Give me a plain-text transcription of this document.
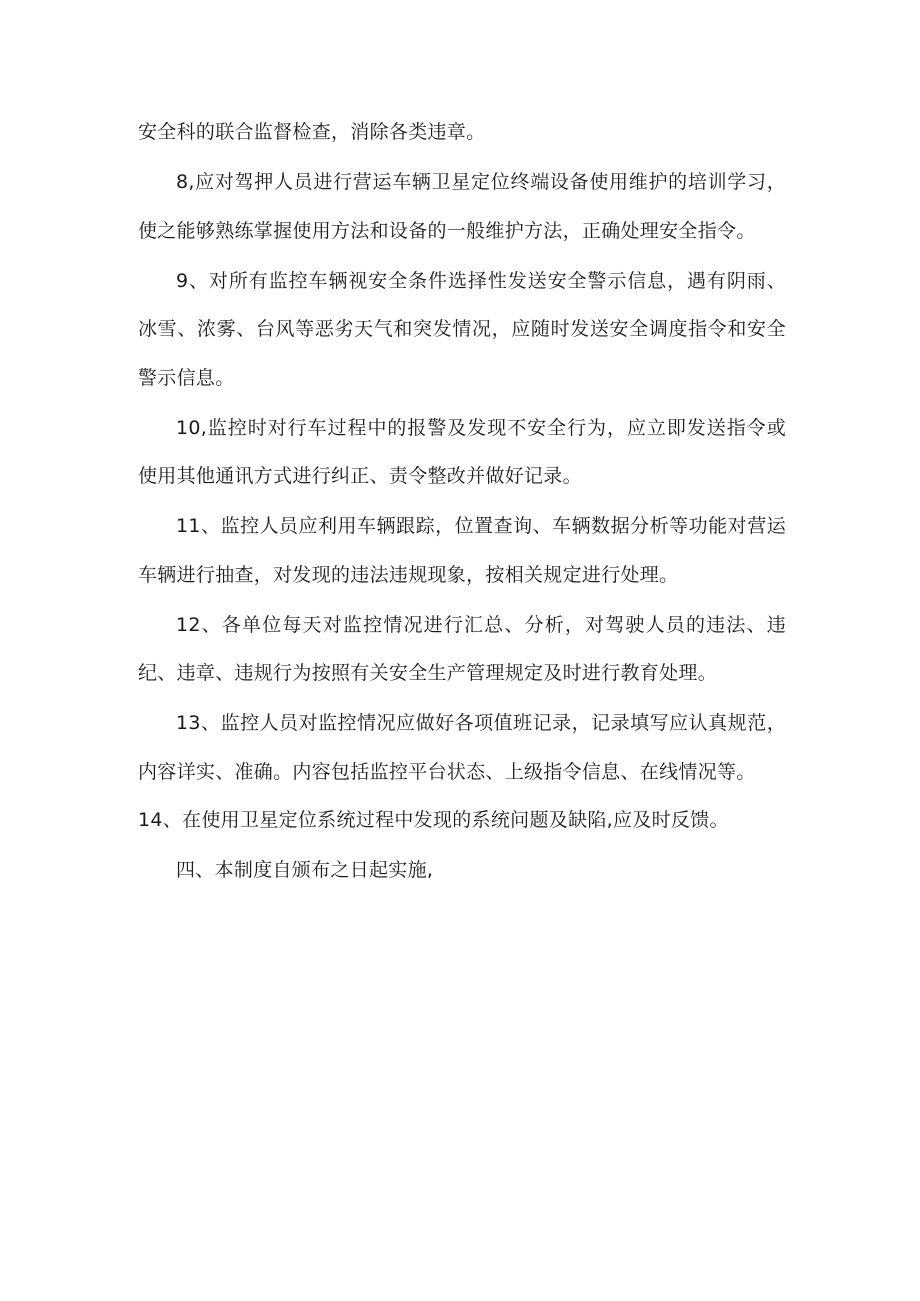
安全科的联合监督检查，消除各类违章。

8,应对驾押人员进行营运车辆卫星定位终端设备使用维护的培训学习，使之能够熟练掌握使用方法和设备的一般维护方法，正确处理安全指令。

9、对所有监控车辆视安全条件选择性发送安全警示信息，遇有阴雨、冰雪、浓雾、台风等恶劣天气和突发情况，应随时发送安全调度指令和安全警示信息。

10,监控时对行车过程中的报警及发现不安全行为，应立即发送指令或使用其他通讯方式进行纠正、责令整改并做好记录。

11、监控人员应利用车辆跟踪，位置查询、车辆数据分析等功能对营运车辆进行抽查，对发现的违法违规现象，按相关规定进行处理。

12、各单位每天对监控情况进行汇总、分析，对驾驶人员的违法、违纪、违章、违规行为按照有关安全生产管理规定及时进行教育处理。

13、监控人员对监控情况应做好各项值班记录，记录填写应认真规范，内容详实、准确。内容包括监控平台状态、上级指令信息、在线情况等。

14、在使用卫星定位系统过程中发现的系统问题及缺陷,应及时反馈。

四、本制度自颁布之日起实施,
